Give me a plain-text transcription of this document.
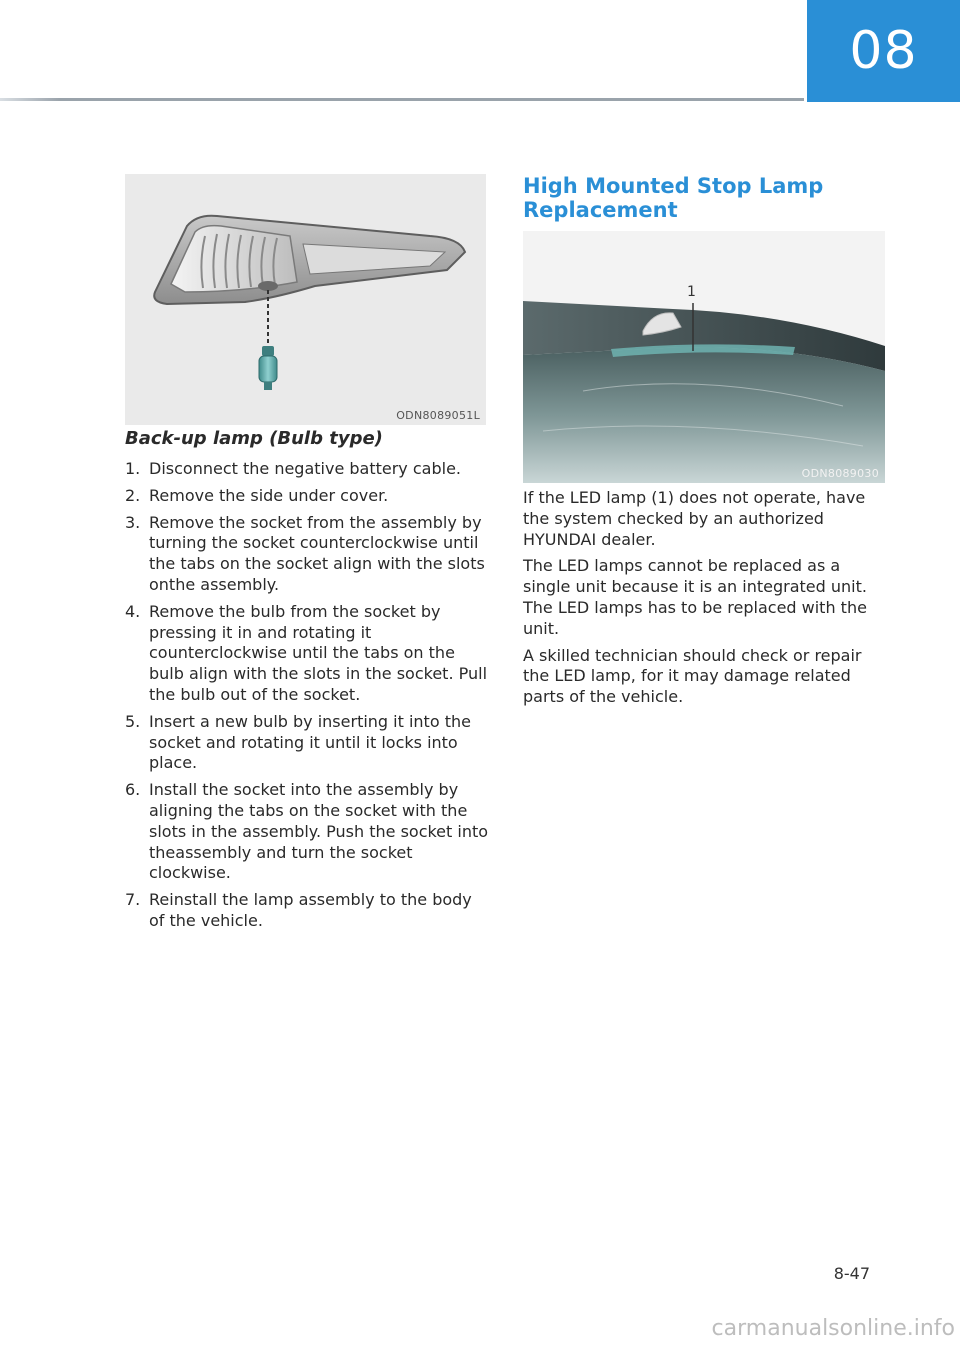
08
ODN8089051L
Back-up lamp (Bulb type)
1. Disconnect the negative battery cable.
2. Remove the side under cover.
3. Remove the socket from the assembly by turning the socket counterclockwise until the tabs on the socket align with the slots onthe assembly.
4. Remove the bulb from the socket by pressing it in and rotating it counterclockwise until the tabs on the bulb align with the slots in the socket. Pull the bulb out of the socket.
5. Insert a new bulb by inserting it into the socket and rotating it until it locks into place.
6. Install the socket into the assembly by aligning the tabs on the socket with the slots in the assembly. Push the socket into theassembly and turn the socket clockwise.
7. Reinstall the lamp assembly to the body of the vehicle.
High Mounted Stop Lamp Replacement
ODN8089030
1

If the LED lamp (1) does not operate, have the system checked by an authorized HYUNDAI dealer.

The LED lamps cannot be replaced as a single unit because it is an integrated unit. The LED lamps has to be replaced with the unit.

A skilled technician should check or repair the LED lamp, for it may damage related parts of the vehicle.

8-47
carmanualsonline.info
